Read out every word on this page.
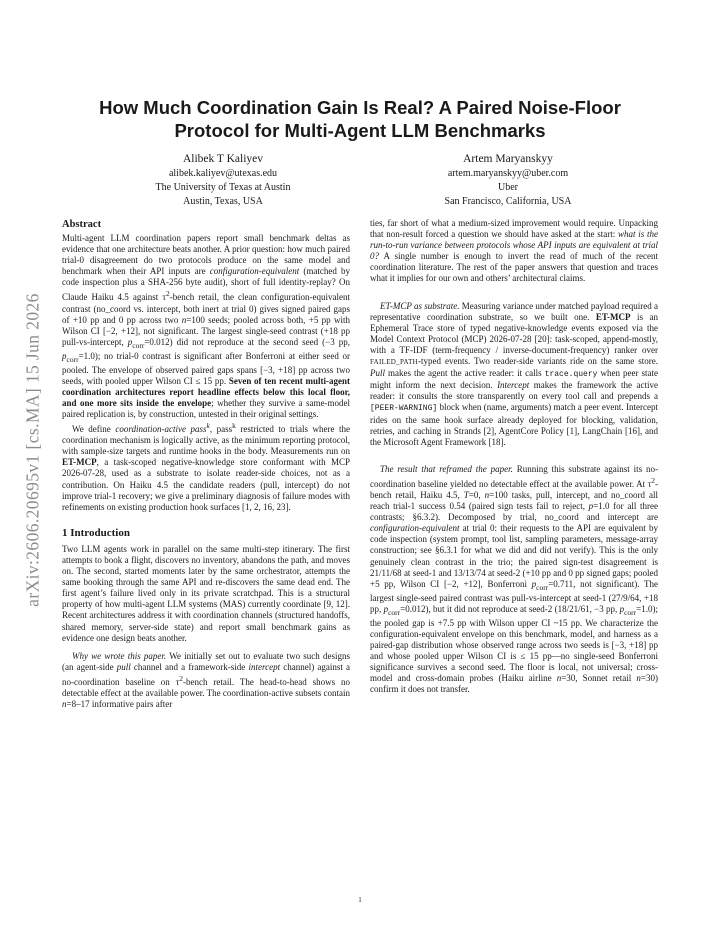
arXiv:2606.20695v1 [cs.MA] 15 Jun 2026
How Much Coordination Gain Is Real? A Paired Noise-Floor Protocol for Multi-Agent LLM Benchmarks
Alibek T Kaliyev
alibek.kaliyev@utexas.edu
The University of Texas at Austin
Austin, Texas, USA
Artem Maryanskyy
artem.maryanskyy@uber.com
Uber
San Francisco, California, USA
Abstract

Multi-agent LLM coordination papers report small benchmark deltas as evidence that one architecture beats another. A prior question: how much paired trial-0 disagreement do two protocols produce on the same model and benchmark when their API inputs are configuration-equivalent (matched by code inspection plus a SHA-256 byte audit), short of full identity-replay? On Claude Haiku 4.5 against $\tau^2$-bench retail, the clean configuration-equivalent contrast (no_coord vs. intercept, both inert at trial 0) gives signed paired gaps of +10 pp and 0 pp across two n=100 seeds; pooled across both, +5 pp with Wilson CI [−2, +12], not significant. The largest single-seed contrast (+18 pp pull-vs-intercept, $p_{corr}=0.012$) did not reproduce at the second seed (−3 pp, $p_{corr}=1.0$); no trial-0 contrast is significant after Bonferroni at either seed or pooled. The envelope of observed paired gaps spans [−3, +18] pp across two seeds, with pooled upper Wilson CI ≤ 15 pp. Seven of ten recent multi-agent coordination architectures report headline effects below this local floor, and one more sits inside the envelope; whether they survive a same-model paired replication is, by construction, untested in their original settings.

We define coordination-active pass$^k$, pass$^k$ restricted to trials where the coordination mechanism is logically active, as the minimum reporting protocol, with sample-size targets and runtime hooks in the body. Measurements run on ET-MCP, a task-scoped negative-knowledge store conformant with MCP 2026-07-28, used as a substrate to isolate reader-side choices, not as a contribution. On Haiku 4.5 the candidate readers (pull, intercept) do not improve trial-1 recovery; we give a preliminary diagnosis of failure modes with refinements on existing production hook surfaces [1, 2, 16, 23].

1 Introduction

Two LLM agents work in parallel on the same multi-step itinerary. The first attempts to book a flight, discovers no inventory, abandons the path, and moves on. The second, started moments later by the same orchestrator, attempts the same booking through the same API and re-discovers the same dead end. The first agent’s failure lived only in its private scratchpad. This is a structural property of how multi-agent LLM systems (MAS) currently coordinate [9, 12]. Recent architectures address it with coordination channels (structured handoffs, shared memory, server-side state) and report small benchmark gains as evidence one design beats another.

Why we wrote this paper. We initially set out to evaluate two such designs (an agent-side pull channel and a framework-side intercept channel) against a no-coordination baseline on $\tau^2$-bench retail. The head-to-head shows no detectable effect at the available power. The coordination-active subsets contain n=8–17 informative pairs after

ties, far short of what a medium-sized improvement would require. Unpacking that non-result forced a question we should have asked at the start: what is the run-to-run variance between protocols whose API inputs are equivalent at trial 0? A single number is enough to invert the read of much of the recent coordination literature. The rest of the paper answers that question and traces what it implies for our own and others’ architectural claims.

ET-MCP as substrate. Measuring variance under matched payload required a representative coordination substrate, so we built one. ET-MCP is an Ephemeral Trace store of typed negative-knowledge events exposed via the Model Context Protocol (MCP) 2026-07-28 [20]: task-scoped, append-mostly, with a TF-IDF (term-frequency / inverse-document-frequency) ranker over FAILED_PATH-typed events. Two reader-side variants ride on the same store. Pull makes the agent the active reader: it calls trace.query when peer state might inform the next decision. Intercept makes the framework the active reader: it consults the store transparently on every tool call and prepends a [PEER-WARNING] block when (name, arguments) match a peer event. Intercept rides on the same hook surface already deployed for blocking, validation, retries, and caching in Strands [2], AgentCore Policy [1], LangChain [16], and the Microsoft Agent Framework [18].

The result that reframed the paper. Running this substrate against its no-coordination baseline yielded no detectable effect at the available power. At $\tau^2$-bench retail, Haiku 4.5, T=0, n=100 tasks, pull, intercept, and no_coord all reach trial-1 success 0.54 (paired sign tests fail to reject, p=1.0 for all three contrasts; §6.3.2). Decomposed by trial, no_coord and intercept are configuration-equivalent at trial 0: their requests to the API are equivalent by code inspection (system prompt, tool list, sampling parameters, message-array construction; see §6.3.1 for what we did and did not verify). This is the only genuinely clean contrast in the trio; the paired sign-test disagreement is 21/11/68 at seed-1 and 13/13/74 at seed-2 (+10 pp and 0 pp signed gaps; pooled +5 pp, Wilson CI [−2, +12], Bonferroni $p_{corr}=0.711$, not significant). The largest single-seed paired contrast was pull-vs-intercept at seed-1 (27/9/64, +18 pp, $p_{corr}=0.012$), but it did not reproduce at seed-2 (18/21/61, −3 pp, $p_{corr}=1.0$); the pooled gap is +7.5 pp with Wilson upper CI ~15 pp. We characterize the configuration-equivalent envelope on this benchmark, model, and harness as a paired-gap distribution whose observed range across two seeds is [−3, +18] pp and whose pooled upper Wilson CI is ≤ 15 pp—no single-seed Bonferroni significance survives a second seed. The floor is local, not universal; cross-model and cross-domain probes (Haiku airline n=30, Sonnet retail n=30) confirm it does not transfer.

1
